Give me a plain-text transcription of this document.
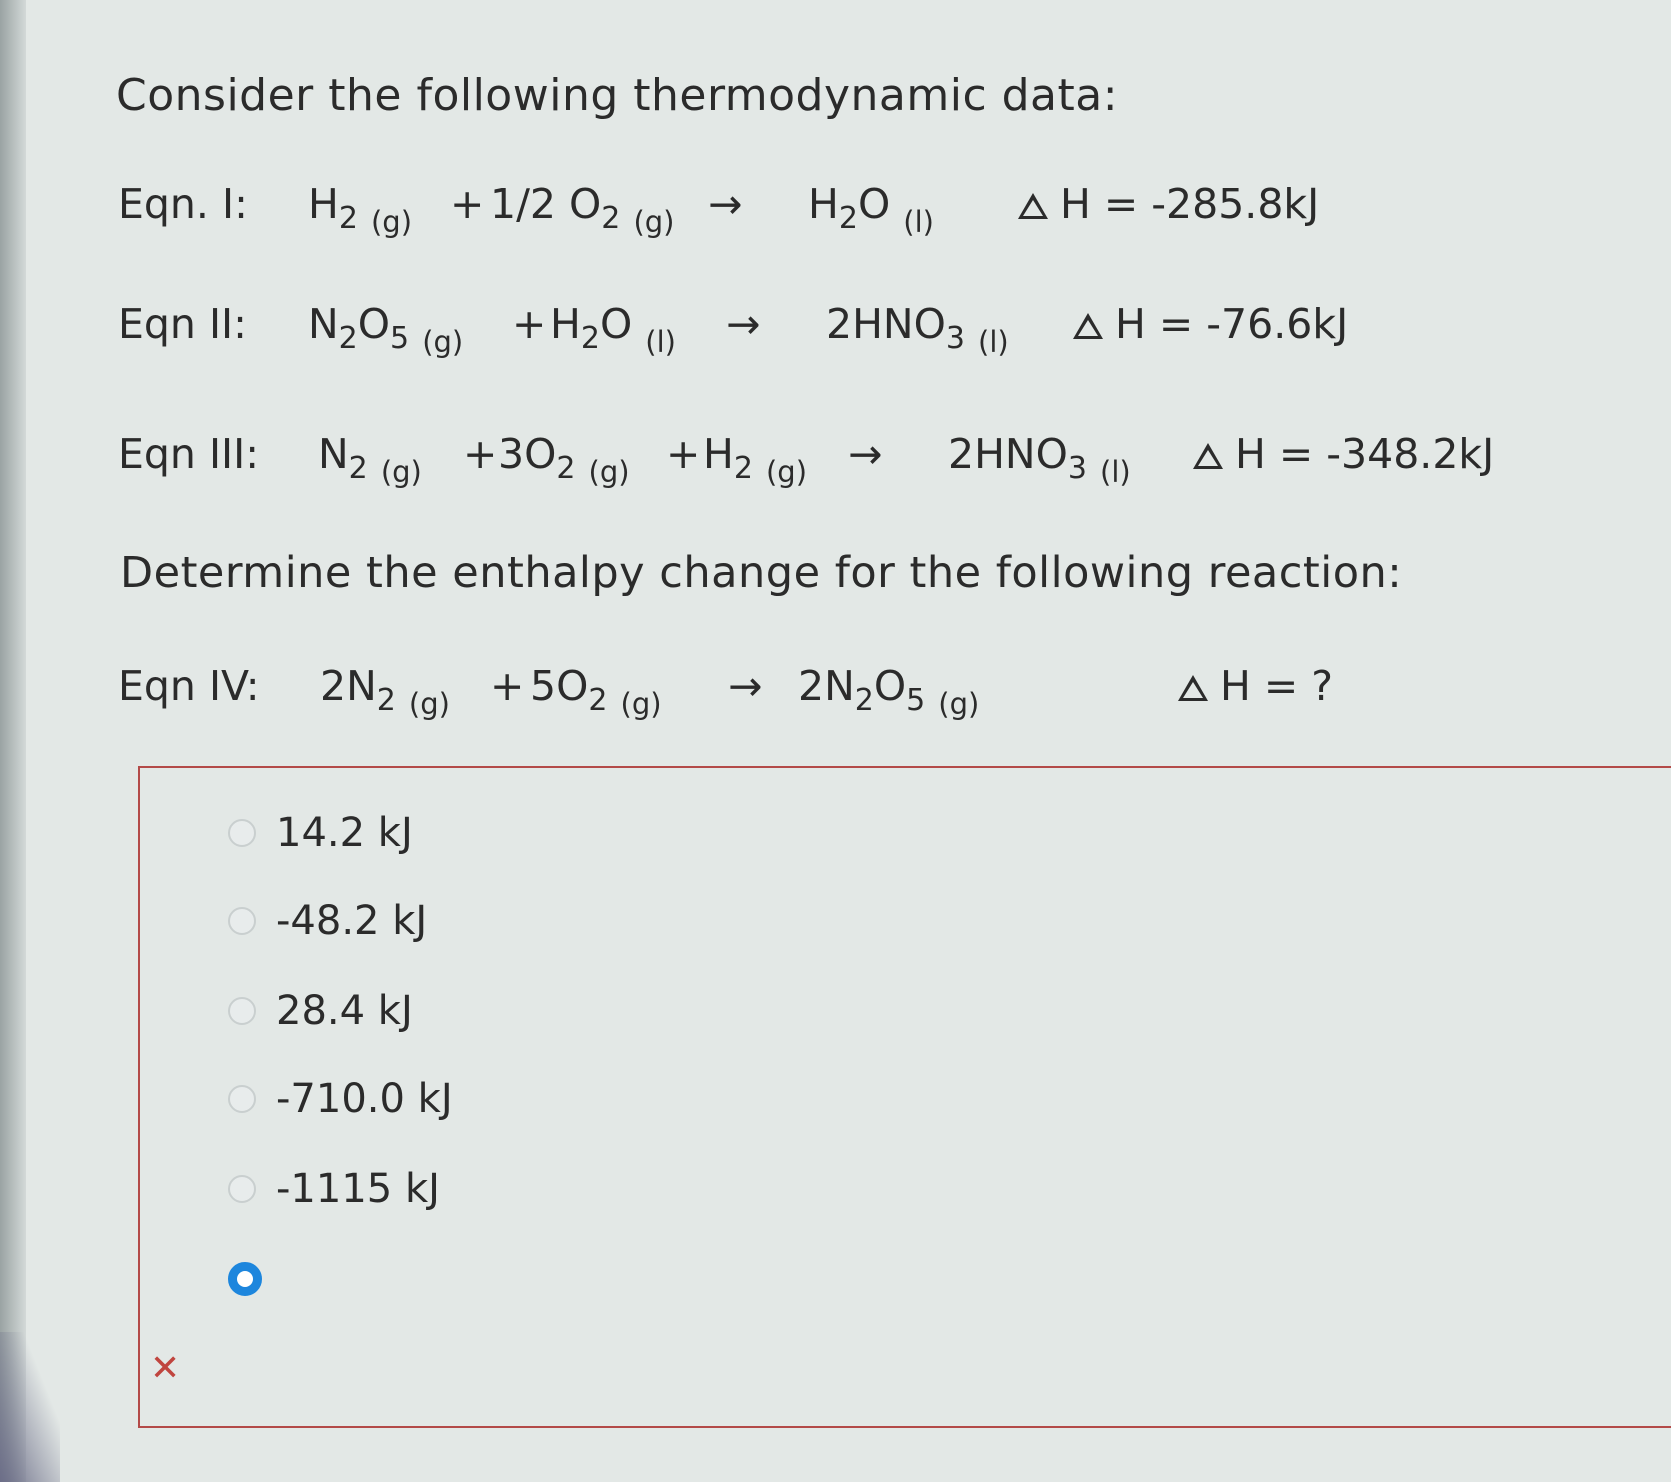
Consider the following thermodynamic data:
Eqn. I: $H_2$ $_{(g)}$ + 1/2 $O_2$ $_{(g)} \to H_2O$ $_{(l)}$	H = -285.8kJ
Eqn II: $N_2O_5$ $_{(g)} + H_2O$ $_{(l)} \to 2HNO_3$ $_{(l)}$	H = -76.6kJ
Eqn III: $N_2$ $_{(g)} + 3O_2$ $_{(g)} + H_2$ $_{(g)} \to 2HNO_3$ $_{(l)}$	H = -348.2kJ
Determine the enthalpy change for the following reaction:
Eqn IV: $2N_2$ $_{(g)} + 5O_2$ $_{(g)} \to 2N_2O_5$ $_{(g)}$	H = ?
14.2 kJ
-48.2 kJ
28.4 kJ
-710.0 kJ
-1115 kJ
✕
